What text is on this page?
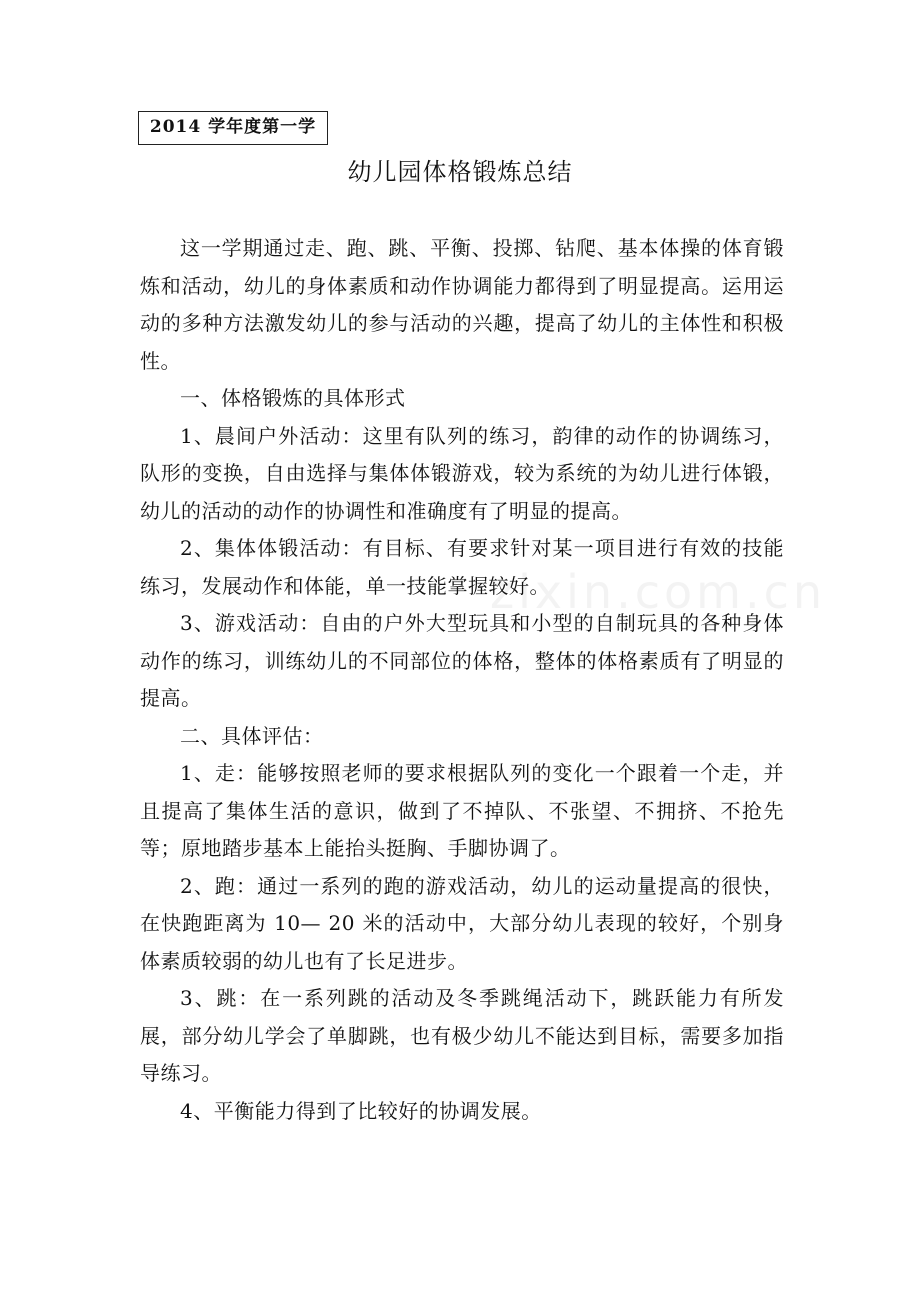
2014 学年度第一学
幼儿园体格锻炼总结
zixin.com.cn

这一学期通过走、跑、跳、平衡、投掷、钻爬、基本体操的体育锻炼和活动，幼儿的身体素质和动作协调能力都得到了明显提高。运用运动的多种方法激发幼儿的参与活动的兴趣，提高了幼儿的主体性和积极性。

一、体格锻炼的具体形式

1、晨间户外活动：这里有队列的练习，韵律的动作的协调练习，队形的变换，自由选择与集体体锻游戏，较为系统的为幼儿进行体锻，幼儿的活动的动作的协调性和准确度有了明显的提高。

2、集体体锻活动：有目标、有要求针对某一项目进行有效的技能练习，发展动作和体能，单一技能掌握较好。

3、游戏活动：自由的户外大型玩具和小型的自制玩具的各种身体动作的练习，训练幼儿的不同部位的体格，整体的体格素质有了明显的提高。

二、具体评估：

1、走：能够按照老师的要求根据队列的变化一个跟着一个走，并且提高了集体生活的意识，做到了不掉队、不张望、不拥挤、不抢先等；原地踏步基本上能抬头挺胸、手脚协调了。

2、跑：通过一系列的跑的游戏活动，幼儿的运动量提高的很快，在快跑距离为 10— 20 米的活动中，大部分幼儿表现的较好，个别身体素质较弱的幼儿也有了长足进步。

3、跳：在一系列跳的活动及冬季跳绳活动下，跳跃能力有所发展，部分幼儿学会了单脚跳，也有极少幼儿不能达到目标，需要多加指导练习。

4、平衡能力得到了比较好的协调发展。
